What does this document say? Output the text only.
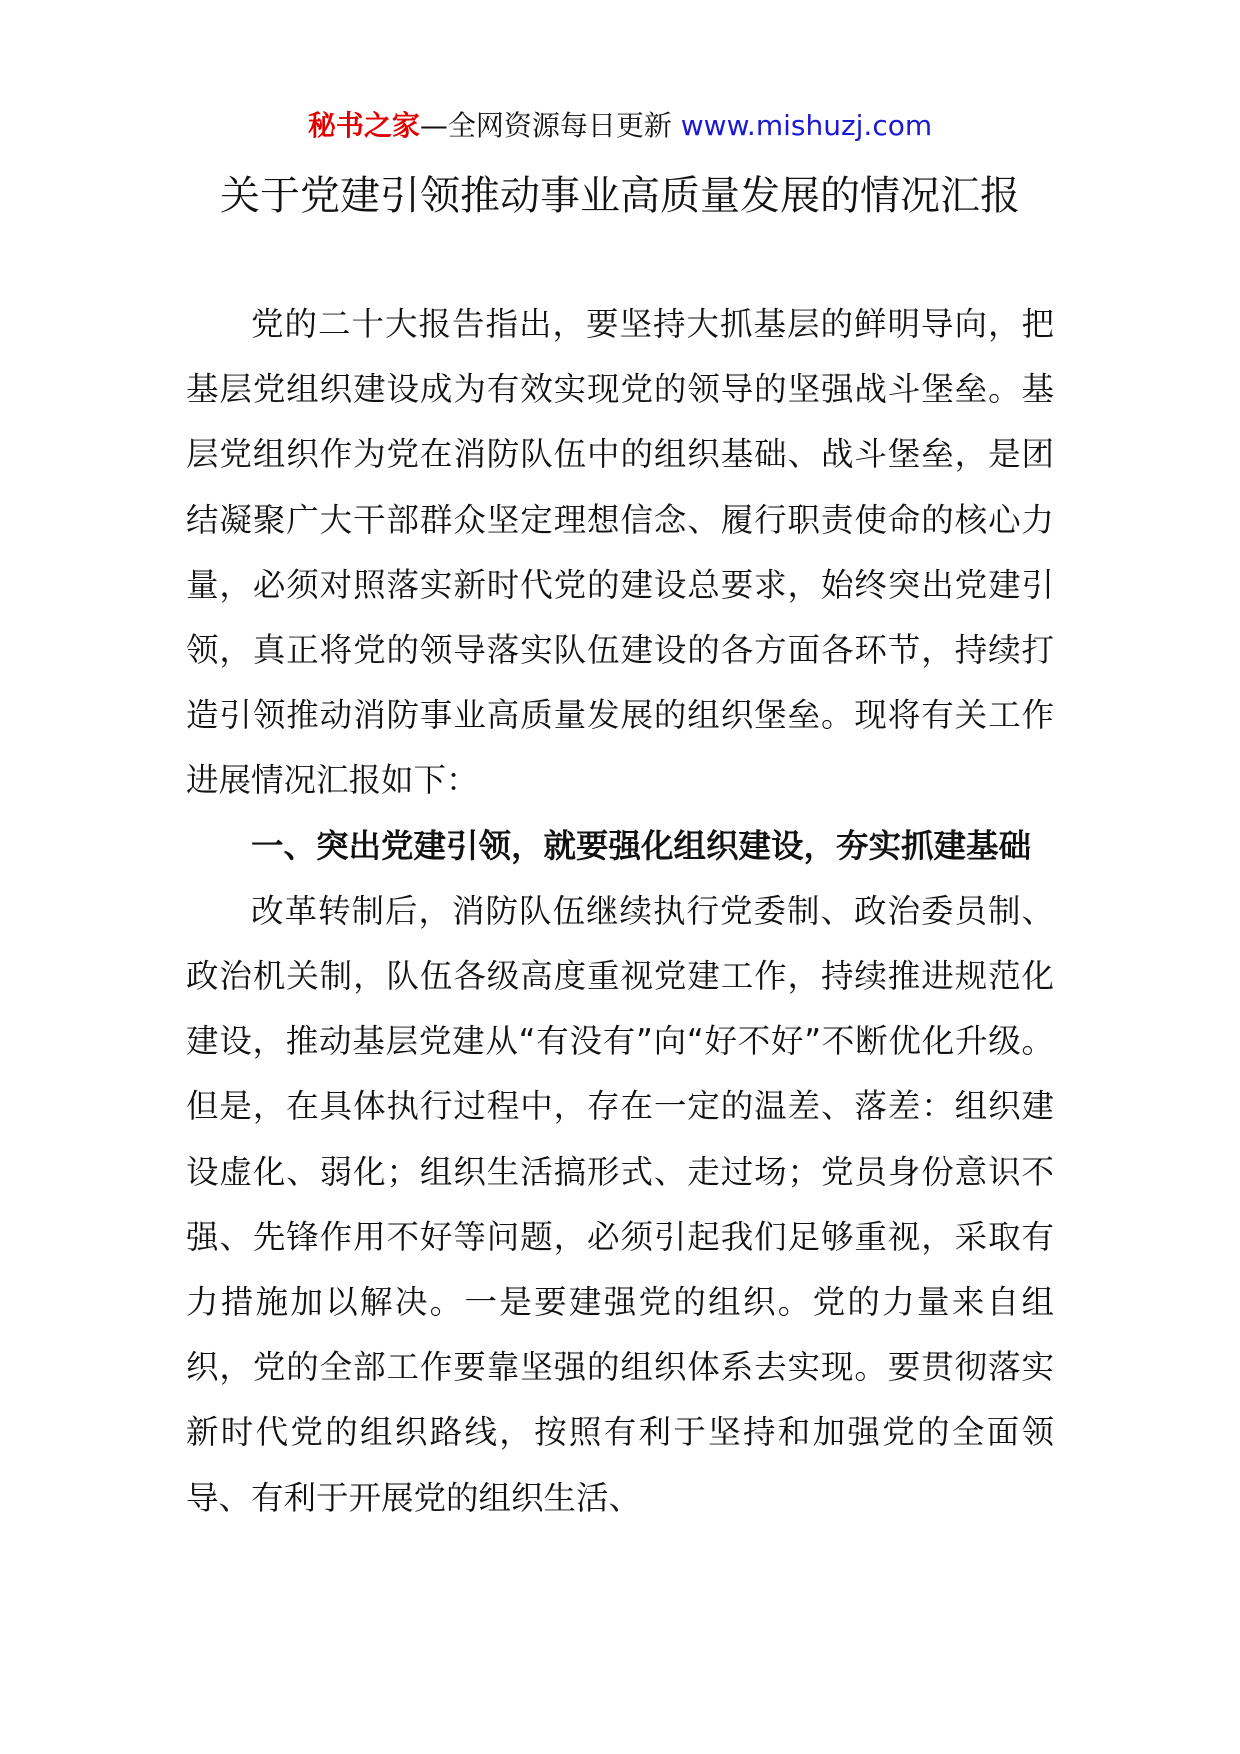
秘书之家—全网资源每日更新 www.mishuzj.com
关于党建引领推动事业高质量发展的情况汇报

党的二十大报告指出，要坚持大抓基层的鲜明导向，把基层党组织建设成为有效实现党的领导的坚强战斗堡垒。基层党组织作为党在消防队伍中的组织基础、战斗堡垒，是团结凝聚广大干部群众坚定理想信念、履行职责使命的核心力量，必须对照落实新时代党的建设总要求，始终突出党建引领，真正将党的领导落实队伍建设的各方面各环节，持续打造引领推动消防事业高质量发展的组织堡垒。现将有关工作进展情况汇报如下：

一、突出党建引领，就要强化组织建设，夯实抓建基础

改革转制后，消防队伍继续执行党委制、政治委员制、政治机关制，队伍各级高度重视党建工作，持续推进规范化建设，推动基层党建从“有没有”向“好不好”不断优化升级。但是，在具体执行过程中，存在一定的温差、落差：组织建设虚化、弱化；组织生活搞形式、走过场；党员身份意识不强、先锋作用不好等问题，必须引起我们足够重视，采取有力措施加以解决。一是要建强党的组织。党的力量来自组织，党的全部工作要靠坚强的组织体系去实现。要贯彻落实新时代党的组织路线，按照有利于坚持和加强党的全面领导、有利于开展党的组织生活、
